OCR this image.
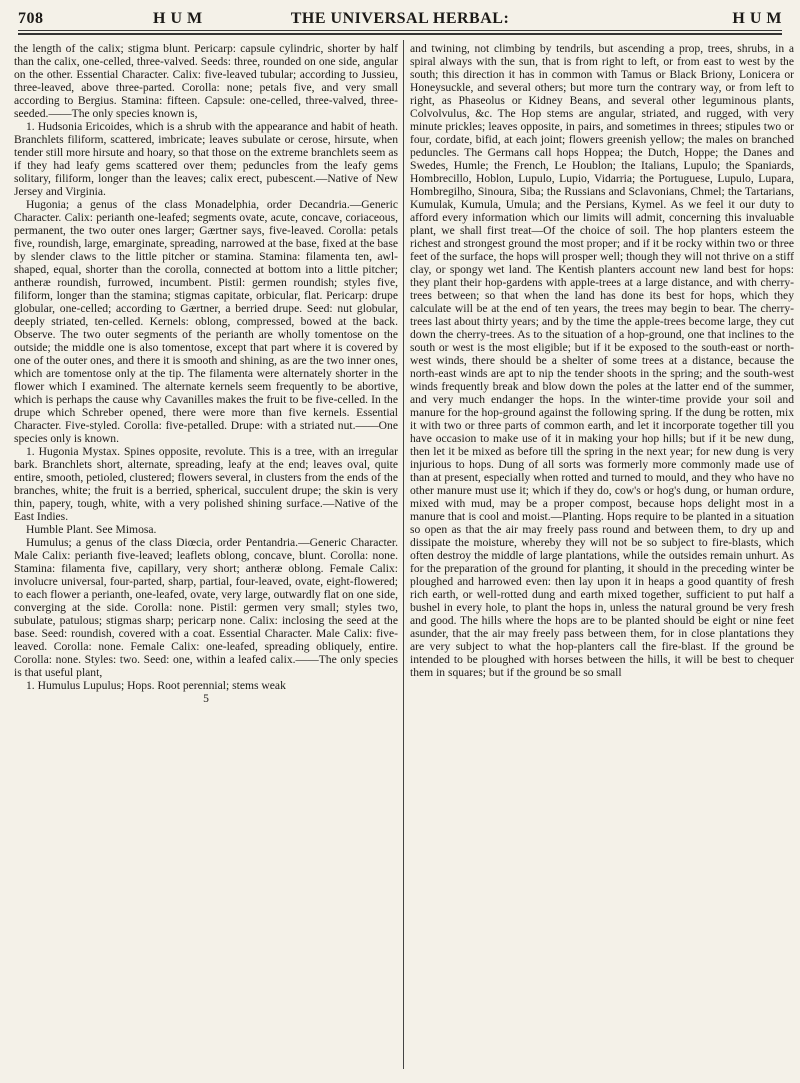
708	H U M	THE UNIVERSAL HERBAL:	H U M

the length of the calix; stigma blunt. Pericarp: capsule cylindric, shorter by half than the calix, one-celled, three-valved. Seeds: three, rounded on one side, angular on the other. Essential Character. Calix: five-leaved tubular; according to Jussieu, three-leaved, above three-parted. Corolla: none; petals five, and very small according to Bergius. Stamina: fifteen. Capsule: one-celled, three-valved, three-seeded.——The only species known is,

1. Hudsonia Ericoides, which is a shrub with the appearance and habit of heath. Branchlets filiform, scattered, imbricate; leaves subulate or cerose, hirsute, when tender still more hirsute and hoary, so that those on the extreme branchlets seem as if they had leafy gems scattered over them; peduncles from the leafy gems solitary, filiform, longer than the leaves; calix erect, pubescent.—Native of New Jersey and Virginia.

Hugonia; a genus of the class Monadelphia, order Decandria.—Generic Character. Calix: perianth one-leafed; segments ovate, acute, concave, coriaceous, permanent, the two outer ones larger; Gærtner says, five-leaved. Corolla: petals five, roundish, large, emarginate, spreading, narrowed at the base, fixed at the base by slender claws to the little pitcher or stamina. Stamina: filamenta ten, awl-shaped, equal, shorter than the corolla, connected at bottom into a little pitcher; antheræ roundish, furrowed, incumbent. Pistil: germen roundish; styles five, filiform, longer than the stamina; stigmas capitate, orbicular, flat. Pericarp: drupe globular, one-celled; according to Gærtner, a berried drupe. Seed: nut globular, deeply striated, ten-celled. Kernels: oblong, compressed, bowed at the back. Observe. The two outer segments of the perianth are wholly tomentose on the outside; the middle one is also tomentose, except that part where it is covered by one of the outer ones, and there it is smooth and shining, as are the two inner ones, which are tomentose only at the tip. The filamenta were alternately shorter in the flower which I examined. The alternate kernels seem frequently to be abortive, which is perhaps the cause why Cavanilles makes the fruit to be five-celled. In the drupe which Schreber opened, there were more than five kernels. Essential Character. Five-styled. Corolla: five-petalled. Drupe: with a striated nut.——One species only is known.

1. Hugonia Mystax. Spines opposite, revolute. This is a tree, with an irregular bark. Branchlets short, alternate, spreading, leafy at the end; leaves oval, quite entire, smooth, petioled, clustered; flowers several, in clusters from the ends of the branches, white; the fruit is a berried, spherical, succulent drupe; the skin is very thin, papery, tough, white, with a very polished shining surface.—Native of the East Indies.

Humble Plant. See Mimosa.

Humulus; a genus of the class Diœcia, order Pentandria.—Generic Character. Male Calix: perianth five-leaved; leaflets oblong, concave, blunt. Corolla: none. Stamina: filamenta five, capillary, very short; antheræ oblong. Female Calix: involucre universal, four-parted, sharp, partial, four-leaved, ovate, eight-flowered; to each flower a perianth, one-leafed, ovate, very large, outwardly flat on one side, converging at the side. Corolla: none. Pistil: germen very small; styles two, subulate, patulous; stigmas sharp; pericarp none. Calix: inclosing the seed at the base. Seed: roundish, covered with a coat. Essential Character. Male Calix: five-leaved. Corolla: none. Female Calix: one-leafed, spreading obliquely, entire. Corolla: none. Styles: two. Seed: one, within a leafed calix.——The only species is that useful plant,

1. Humulus Lupulus; Hops. Root perennial; stems weak

5

and twining, not climbing by tendrils, but ascending a prop, trees, shrubs, in a spiral always with the sun, that is from right to left, or from east to west by the south; this direction it has in common with Tamus or Black Briony, Lonicera or Honeysuckle, and several others; but more turn the contrary way, or from left to right, as Phaseolus or Kidney Beans, and several other leguminous plants, Colvolvulus, &c. The Hop stems are angular, striated, and rugged, with very minute prickles; leaves opposite, in pairs, and sometimes in threes; stipules two or four, cordate, bifid, at each joint; flowers greenish yellow; the males on branched peduncles. The Germans call hops Hoppea; the Dutch, Hoppe; the Danes and Swedes, Humle; the French, Le Houblon; the Italians, Lupulo; the Spaniards, Hombrecillo, Hoblon, Lupulo, Lupio, Vidarria; the Portuguese, Lupulo, Lupara, Hombregilho, Sinoura, Siba; the Russians and Sclavonians, Chmel; the Tartarians, Kumulak, Kumula, Umula; and the Persians, Kymel. As we feel it our duty to afford every information which our limits will admit, concerning this invaluable plant, we shall first treat—Of the choice of soil. The hop planters esteem the richest and strongest ground the most proper; and if it be rocky within two or three feet of the surface, the hops will prosper well; though they will not thrive on a stiff clay, or spongy wet land. The Kentish planters account new land best for hops: they plant their hop-gardens with apple-trees at a large distance, and with cherry-trees between; so that when the land has done its best for hops, which they calculate will be at the end of ten years, the trees may begin to bear. The cherry-trees last about thirty years; and by the time the apple-trees become large, they cut down the cherry-trees. As to the situation of a hop-ground, one that inclines to the south or west is the most eligible; but if it be exposed to the south-east or north-west winds, there should be a shelter of some trees at a distance, because the north-east winds are apt to nip the tender shoots in the spring; and the south-west winds frequently break and blow down the poles at the latter end of the summer, and very much endanger the hops. In the winter-time provide your soil and manure for the hop-ground against the following spring. If the dung be rotten, mix it with two or three parts of common earth, and let it incorporate together till you have occasion to make use of it in making your hop hills; but if it be new dung, then let it be mixed as before till the spring in the next year; for new dung is very injurious to hops. Dung of all sorts was formerly more commonly made use of than at present, especially when rotted and turned to mould, and they who have no other manure must use it; which if they do, cow's or hog's dung, or human ordure, mixed with mud, may be a proper compost, because hops delight most in a manure that is cool and moist.—Planting. Hops require to be planted in a situation so open as that the air may freely pass round and between them, to dry up and dissipate the moisture, whereby they will not be so subject to fire-blasts, which often destroy the middle of large plantations, while the outsides remain unhurt. As for the preparation of the ground for planting, it should in the preceding winter be ploughed and harrowed even: then lay upon it in heaps a good quantity of fresh rich earth, or well-rotted dung and earth mixed together, sufficient to put half a bushel in every hole, to plant the hops in, unless the natural ground be very fresh and good. The hills where the hops are to be planted should be eight or nine feet asunder, that the air may freely pass between them, for in close plantations they are very subject to what the hop-planters call the fire-blast. If the ground be intended to be ploughed with horses between the hills, it will be best to chequer them in squares; but if the ground be so small
